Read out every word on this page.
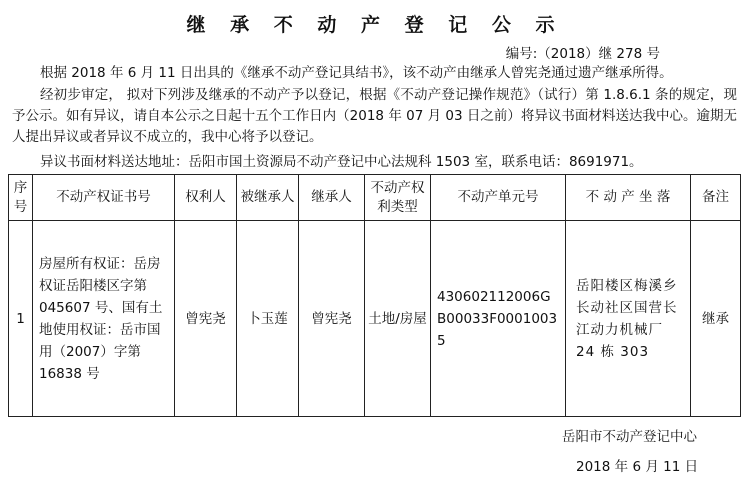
继 承 不 动 产 登 记 公 示
编号:（2018）继 278 号
根据 2018 年 6 月 11 日出具的《继承不动产登记具结书》，该不动产由继承人曾宪尧通过遗产继承所得。
经初步审定， 拟对下列涉及继承的不动产予以登记，根据《不动产登记操作规范》（试行）第 1.8.6.1 条的规定，现予公示。如有异议，请自本公示之日起十五个工作日内（2018 年 07 月 03 日之前）将异议书面材料送达我中心。逾期无人提出异议或者异议不成立的，我中心将予以登记。
异议书面材料送达地址：岳阳市国土资源局不动产登记中心法规科 1503 室，联系电话：8691971。
序号	不动产权证书号	权利人	被继承人	继承人	不动产权利类型	不动产单元号	不 动 产 坐 落	备注
1	房屋所有权证：岳房权证岳阳楼区字第 045607 号、国有土地使用权证：岳市国用（2007）字第 16838 号	曾宪尧	卜玉莲	曾宪尧	土地/房屋	430602112006GB00033F00010035	岳阳楼区梅溪乡长动社区国营长江动力机械厂 24 栋 303	继承
岳阳市不动产登记中心
2018 年 6 月 11 日
